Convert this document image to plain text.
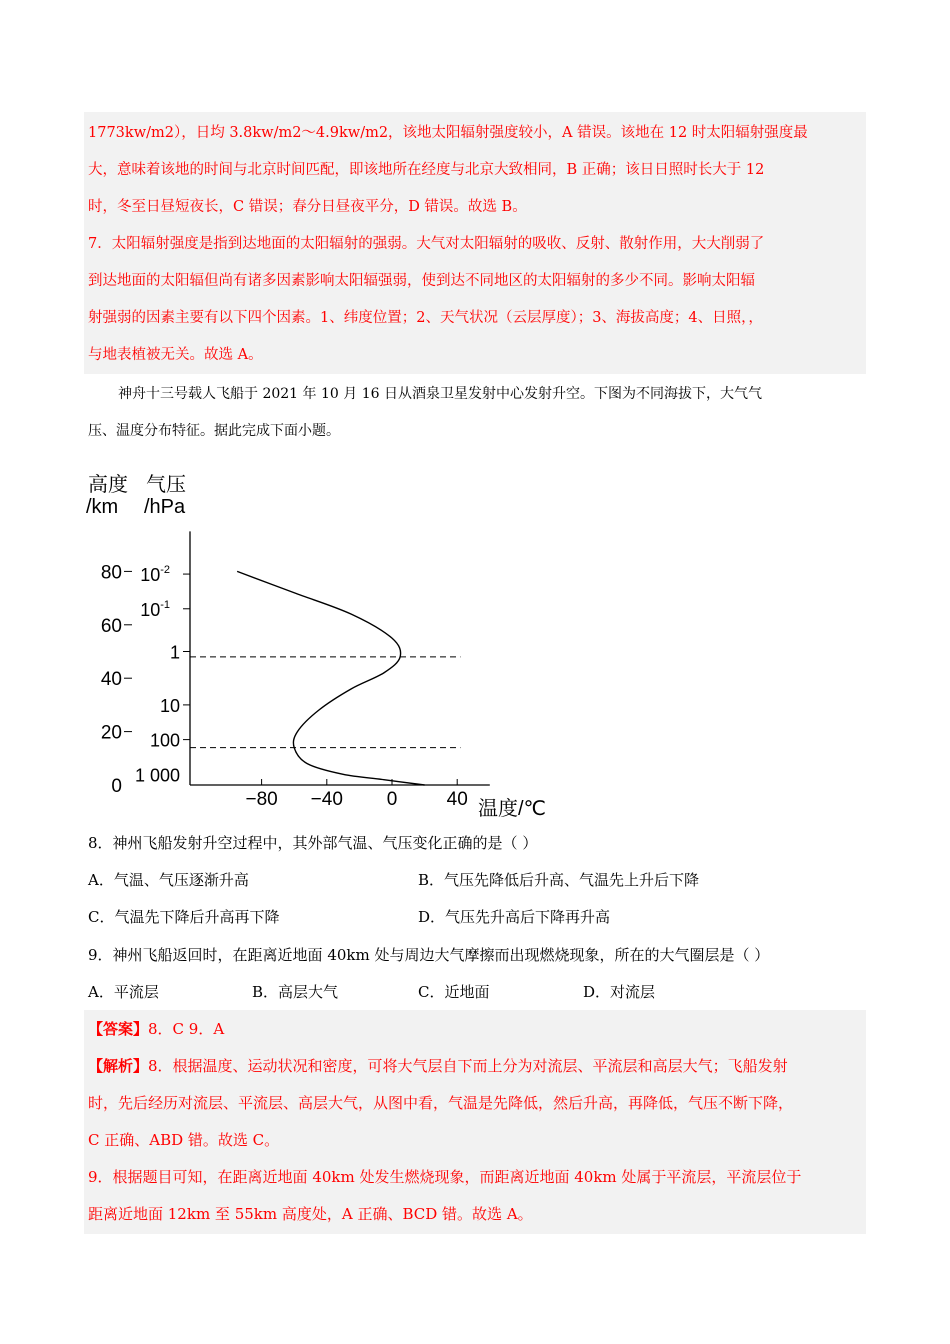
1773kw/m2），日均 3.8kw/m2～4.9kw/m2，该地太阳辐射强度较小，A 错误。该地在 12 时太阳辐射强度最
大，意味着该地的时间与北京时间匹配，即该地所在经度与北京大致相同，B 正确；该日日照时长大于 12
时，冬至日昼短夜长，C 错误；春分日昼夜平分，D 错误。故选 B。
7．太阳辐射强度是指到达地面的太阳辐射的强弱。大气对太阳辐射的吸收、反射、散射作用，大大削弱了
到达地面的太阳辐但尚有诸多因素影响太阳辐强弱，使到达不同地区的太阳辐射的多少不同。影响太阳辐
射强弱的因素主要有以下四个因素。1、纬度位置；2、天气状况（云层厚度）；3、海拔高度；4、日照，，
与地表植被无关。故选 A。
神舟十三号载人飞船于 2021 年 10 月 16 日从酒泉卫星发射中心发射升空。下图为不同海拔下，大气气
压、温度分布特征。据此完成下面小题。
高度
/km
气压
/hPa
温度/℃
80
60
40
20
0
$10^{-2}$
$10^{-1}$
1
10
100
1 000
−80 −40 0	40
8．神州飞船发射升空过程中，其外部气温、气压变化正确的是（ ）
A．气温、气压逐渐升高	B．气压先降低后升高、气温先上升后下降
C．气温先下降后升高再下降	D．气压先升高后下降再升高
9．神州飞船返回时，在距离近地面 40km 处与周边大气摩擦而出现燃烧现象，所在的大气圈层是（ ）
A．平流层	B．高层大气	C．近地面	D．对流层
【答案】8．C 9．A
【解析】8．根据温度、运动状况和密度，可将大气层自下而上分为对流层、平流层和高层大气；飞船发射
时，先后经历对流层、平流层、高层大气，从图中看，气温是先降低，然后升高，再降低，气压不断下降，
C 正确、ABD 错。故选 C。
9．根据题目可知，在距离近地面 40km 处发生燃烧现象，而距离近地面 40km 处属于平流层，平流层位于
距离近地面 12km 至 55km 高度处，A 正确、BCD 错。故选 A。
